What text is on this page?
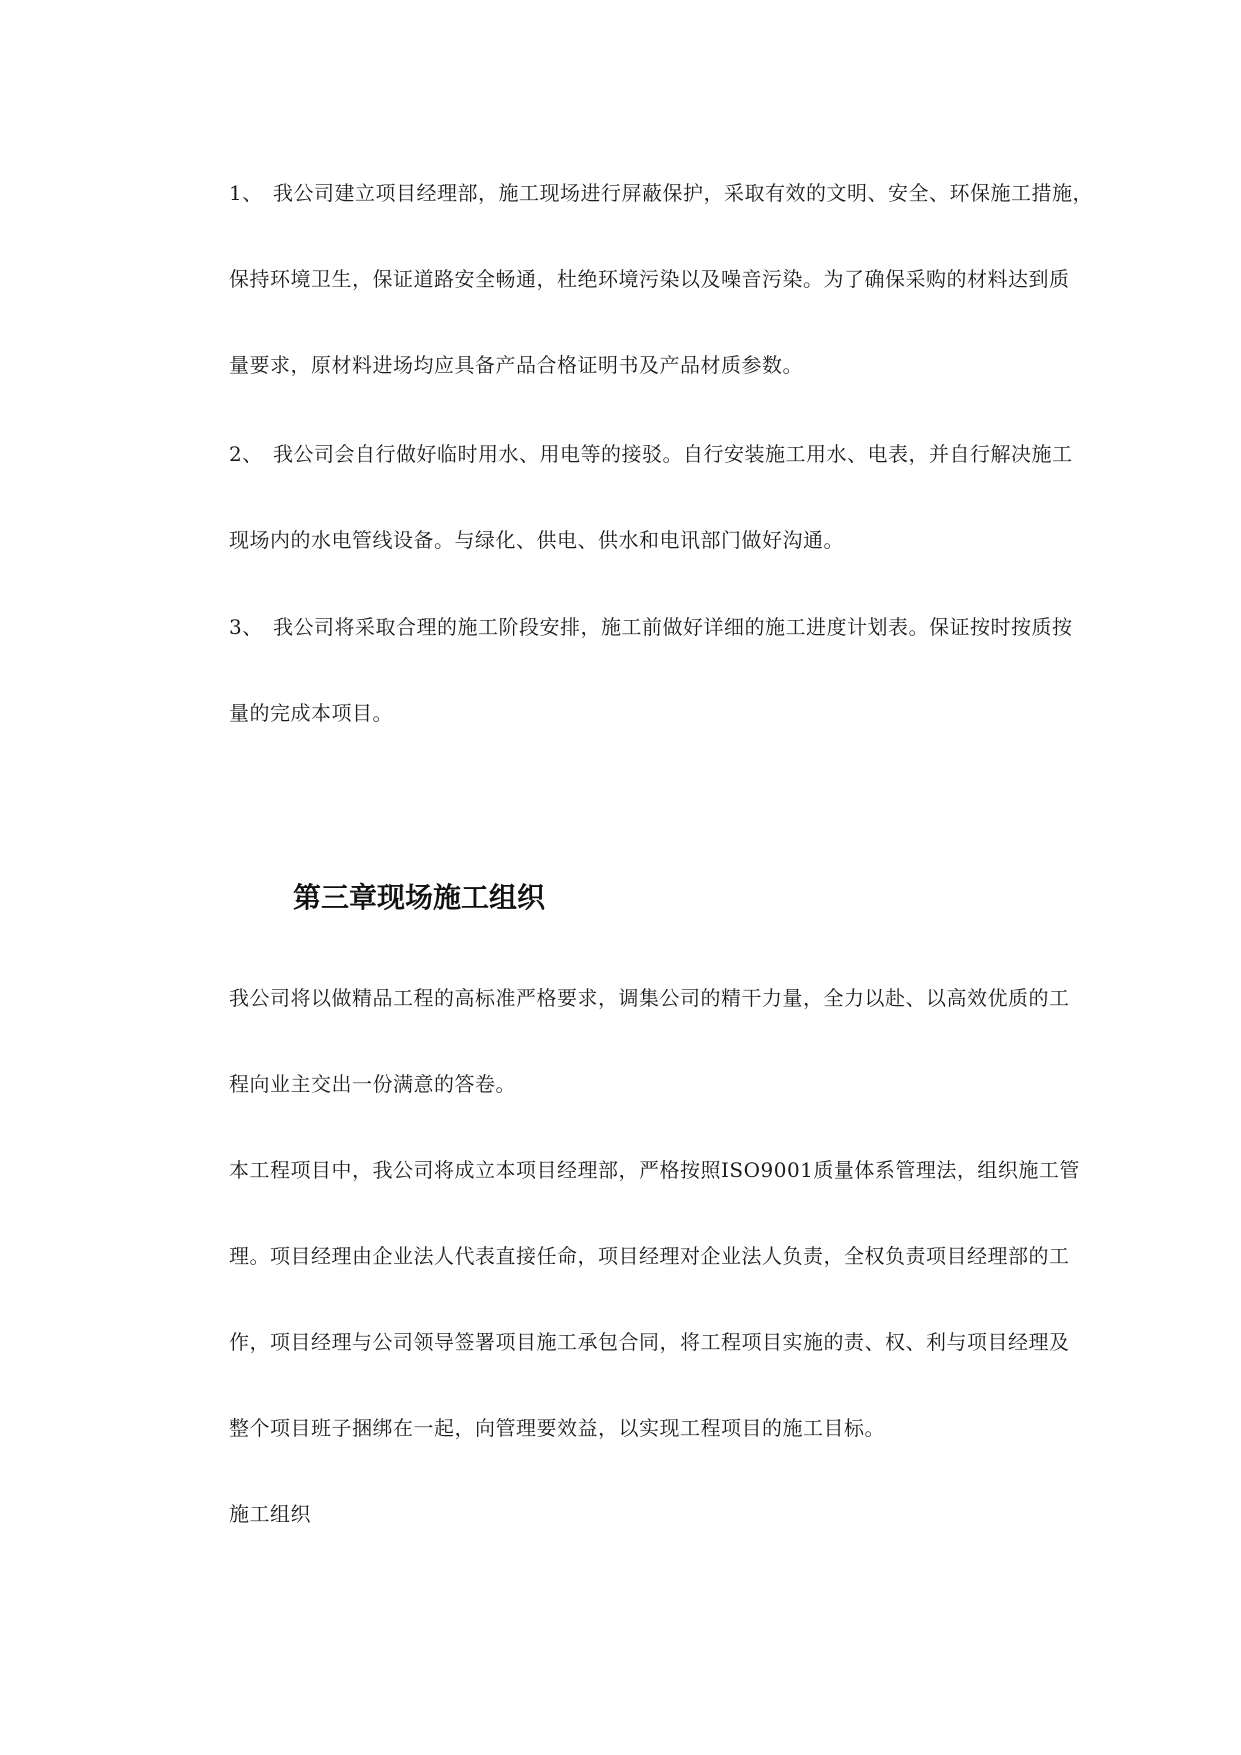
1、 我公司建立项目经理部，施工现场进行屏蔽保护，采取有效的文明、安全、环保施工措施，
保持环境卫生，保证道路安全畅通，杜绝环境污染以及噪音污染。为了确保采购的材料达到质
量要求，原材料进场均应具备产品合格证明书及产品材质参数。
2、 我公司会自行做好临时用水、用电等的接驳。自行安装施工用水、电表，并自行解决施工
现场内的水电管线设备。与绿化、供电、供水和电讯部门做好沟通。
3、 我公司将采取合理的施工阶段安排，施工前做好详细的施工进度计划表。保证按时按质按
量的完成本项目。
第三章现场施工组织
我公司将以做精品工程的高标准严格要求，调集公司的精干力量，全力以赴、以高效优质的工
程向业主交出一份满意的答卷。
本工程项目中，我公司将成立本项目经理部，严格按照ISO9001质量体系管理法，组织施工管
理。项目经理由企业法人代表直接任命，项目经理对企业法人负责，全权负责项目经理部的工
作，项目经理与公司领导签署项目施工承包合同，将工程项目实施的责、权、利与项目经理及
整个项目班子捆绑在一起，向管理要效益，以实现工程项目的施工目标。
施工组织
